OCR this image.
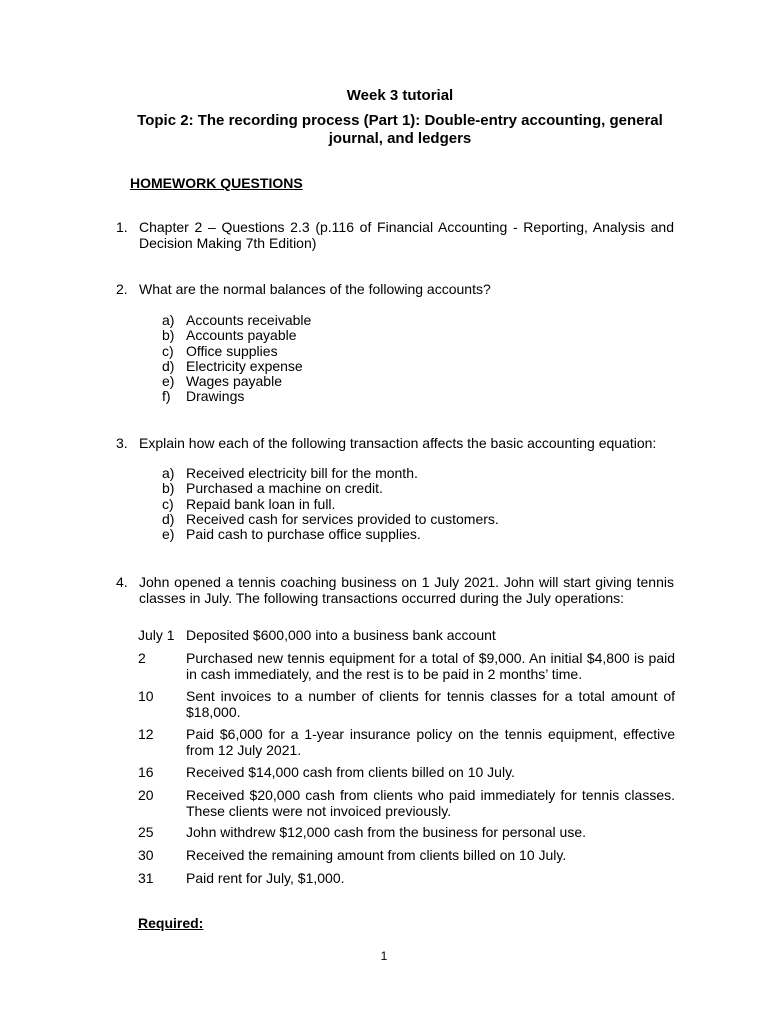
Week 3 tutorial
Topic 2: The recording process (Part 1): Double-entry accounting, general journal, and ledgers
HOMEWORK QUESTIONS
1. Chapter 2 – Questions 2.3 (p.116 of Financial Accounting - Reporting, Analysis and Decision Making 7th Edition)
2. What are the normal balances of the following accounts?
a) Accounts receivable
b) Accounts payable
c) Office supplies
d) Electricity expense
e) Wages payable
f) Drawings
3. Explain how each of the following transaction affects the basic accounting equation:
a) Received electricity bill for the month.
b) Purchased a machine on credit.
c) Repaid bank loan in full.
d) Received cash for services provided to customers.
e) Paid cash to purchase office supplies.
4. John opened a tennis coaching business on 1 July 2021. John will start giving tennis classes in July. The following transactions occurred during the July operations:
July 1 Deposited $600,000 into a business bank account
2	Purchased new tennis equipment for a total of $9,000. An initial $4,800 is paid in cash immediately, and the rest is to be paid in 2 months’ time.
10 Sent invoices to a number of clients for tennis classes for a total amount of $18,000.
12 Paid $6,000 for a 1-year insurance policy on the tennis equipment, effective from 12 July 2021.
16 Received $14,000 cash from clients billed on 10 July.
20 Received $20,000 cash from clients who paid immediately for tennis classes. These clients were not invoiced previously.
25 John withdrew $12,000 cash from the business for personal use.
30 Received the remaining amount from clients billed on 10 July.
31 Paid rent for July, $1,000.
Required:
1
